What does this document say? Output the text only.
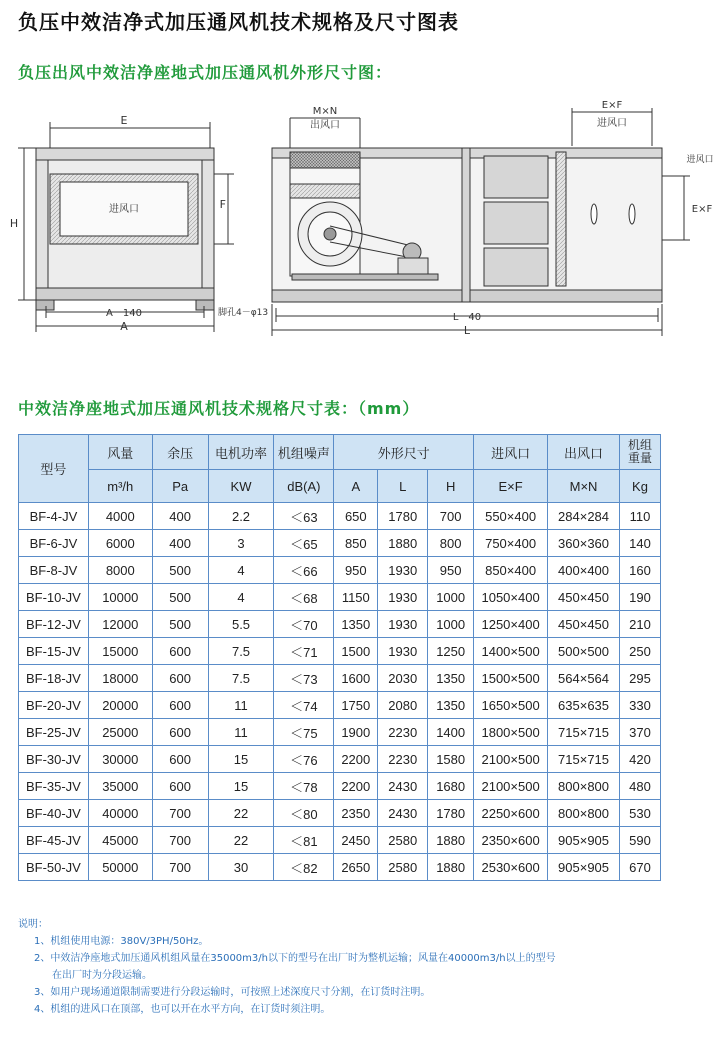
负压中效洁净式加压通风机技术规格及尺寸图表
负压出风中效洁净座地式加压通风机外形尺寸图：
E
H
F
进风口
A－140
A
脚孔4－φ13
M×N
出风口
E×F
进风口
进风口
E×F
L－40
L
中效洁净座地式加压通风机技术规格尺寸表：（mm）
型号	风量	余压	电机功率	机组噪声	外形尺寸			进风口	出风口	机组
重量
	m³/h	Pa	KW	dB(A)	A	L	H	E×F	M×N	Kg
BF-4-JV	4000	400	2.2	＜63	650	1780	700	550×400	284×284	110
BF-6-JV	6000	400	3	＜65	850	1880	800	750×400	360×360	140
BF-8-JV	8000	500	4	＜66	950	1930	950	850×400	400×400	160
BF-10-JV	10000	500	4	＜68	1150	1930	1000	1050×400	450×450	190
BF-12-JV	12000	500	5.5	＜70	1350	1930	1000	1250×400	450×450	210
BF-15-JV	15000	600	7.5	＜71	1500	1930	1250	1400×500	500×500	250
BF-18-JV	18000	600	7.5	＜73	1600	2030	1350	1500×500	564×564	295
BF-20-JV	20000	600	11	＜74	1750	2080	1350	1650×500	635×635	330
BF-25-JV	25000	600	11	＜75	1900	2230	1400	1800×500	715×715	370
BF-30-JV	30000	600	15	＜76	2200	2230	1580	2100×500	715×715	420
BF-35-JV	35000	600	15	＜78	2200	2430	1680	2100×500	800×800	480
BF-40-JV	40000	700	22	＜80	2350	2430	1780	2250×600	800×800	530
BF-45-JV	45000	700	22	＜81	2450	2580	1880	2350×600	905×905	590
BF-50-JV	50000	700	30	＜82	2650	2580	1880	2530×600	905×905	670
说明：
1、机组使用电源：380V/3PH/50Hz。
2、中效洁净座地式加压通风机组风量在35000m3/h以下的型号在出厂时为整机运输；风量在40000m3/h以上的型号
在出厂时为分段运输。
3、如用户现场通道限制需要进行分段运输时，可按照上述深度尺寸分割，在订货时注明。
4、机组的进风口在顶部，也可以开在水平方向，在订货时须注明。
